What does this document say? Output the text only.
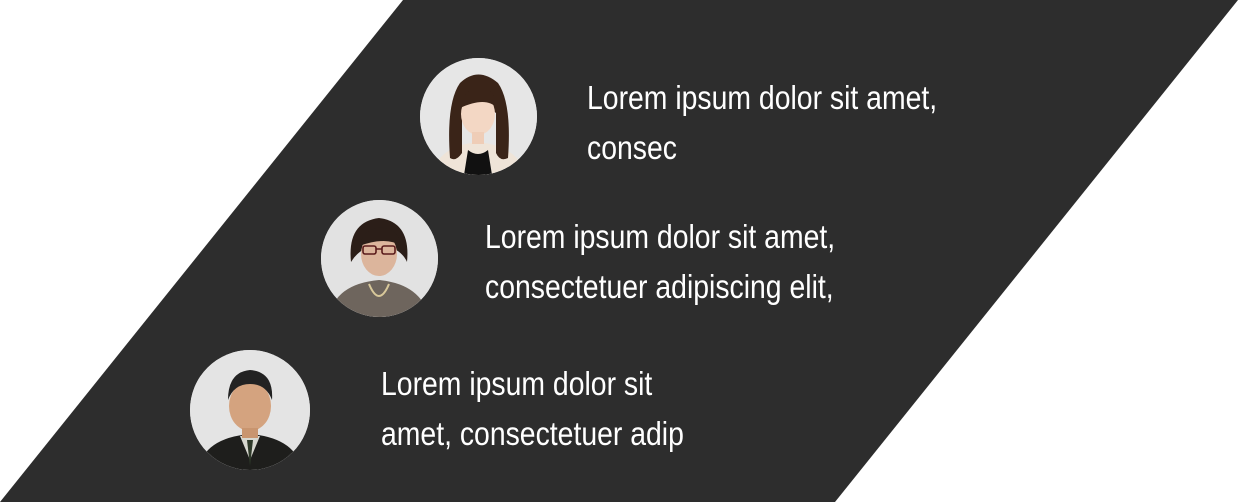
Lorem ipsum dolor sit amet,
consec
Lorem ipsum dolor sit amet,
consectetuer adipiscing elit,
Lorem ipsum dolor sit
amet, consectetuer adip
